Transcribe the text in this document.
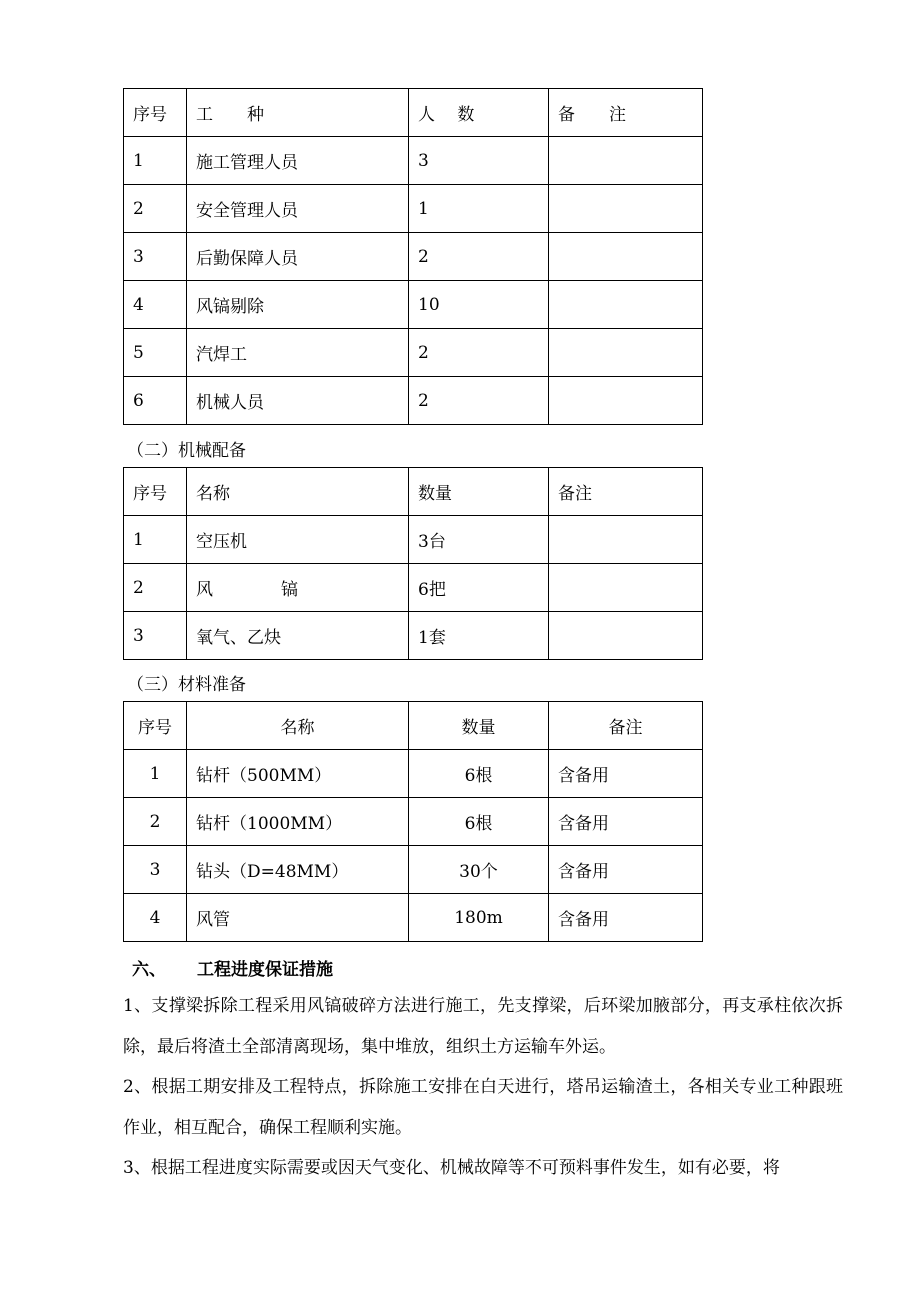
序号	工　　种	人　 数	备　　注
1	施工管理人员	3	
2	安全管理人员	1	
3	后勤保障人员	2	
4	风镐剔除	10	
5	汽焊工	2	
6	机械人员	2	
（二）机械配备
序号	名称	数量	备注
1	空压机	3台	
2	风　　　　镐	6把	
3	氧气、乙炔	1套	
（三）材料准备
序号	名称	数量	备注
1	钻杆（500MM）	6根	含备用
2	钻杆（1000MM）	6根	含备用
3	钻头（D=48MM）	30个	含备用
4	风管	180m	含备用
六、 工程进度保证措施

1、支撑梁拆除工程采用风镐破碎方法进行施工，先支撑梁，后环梁加腋部分，再支承柱依次拆除，最后将渣土全部清离现场，集中堆放，组织土方运输车外运。

2、根据工期安排及工程特点，拆除施工安排在白天进行，塔吊运输渣土，各相关专业工种跟班作业，相互配合，确保工程顺利实施。

3、根据工程进度实际需要或因天气变化、机械故障等不可预料事件发生，如有必要，将
